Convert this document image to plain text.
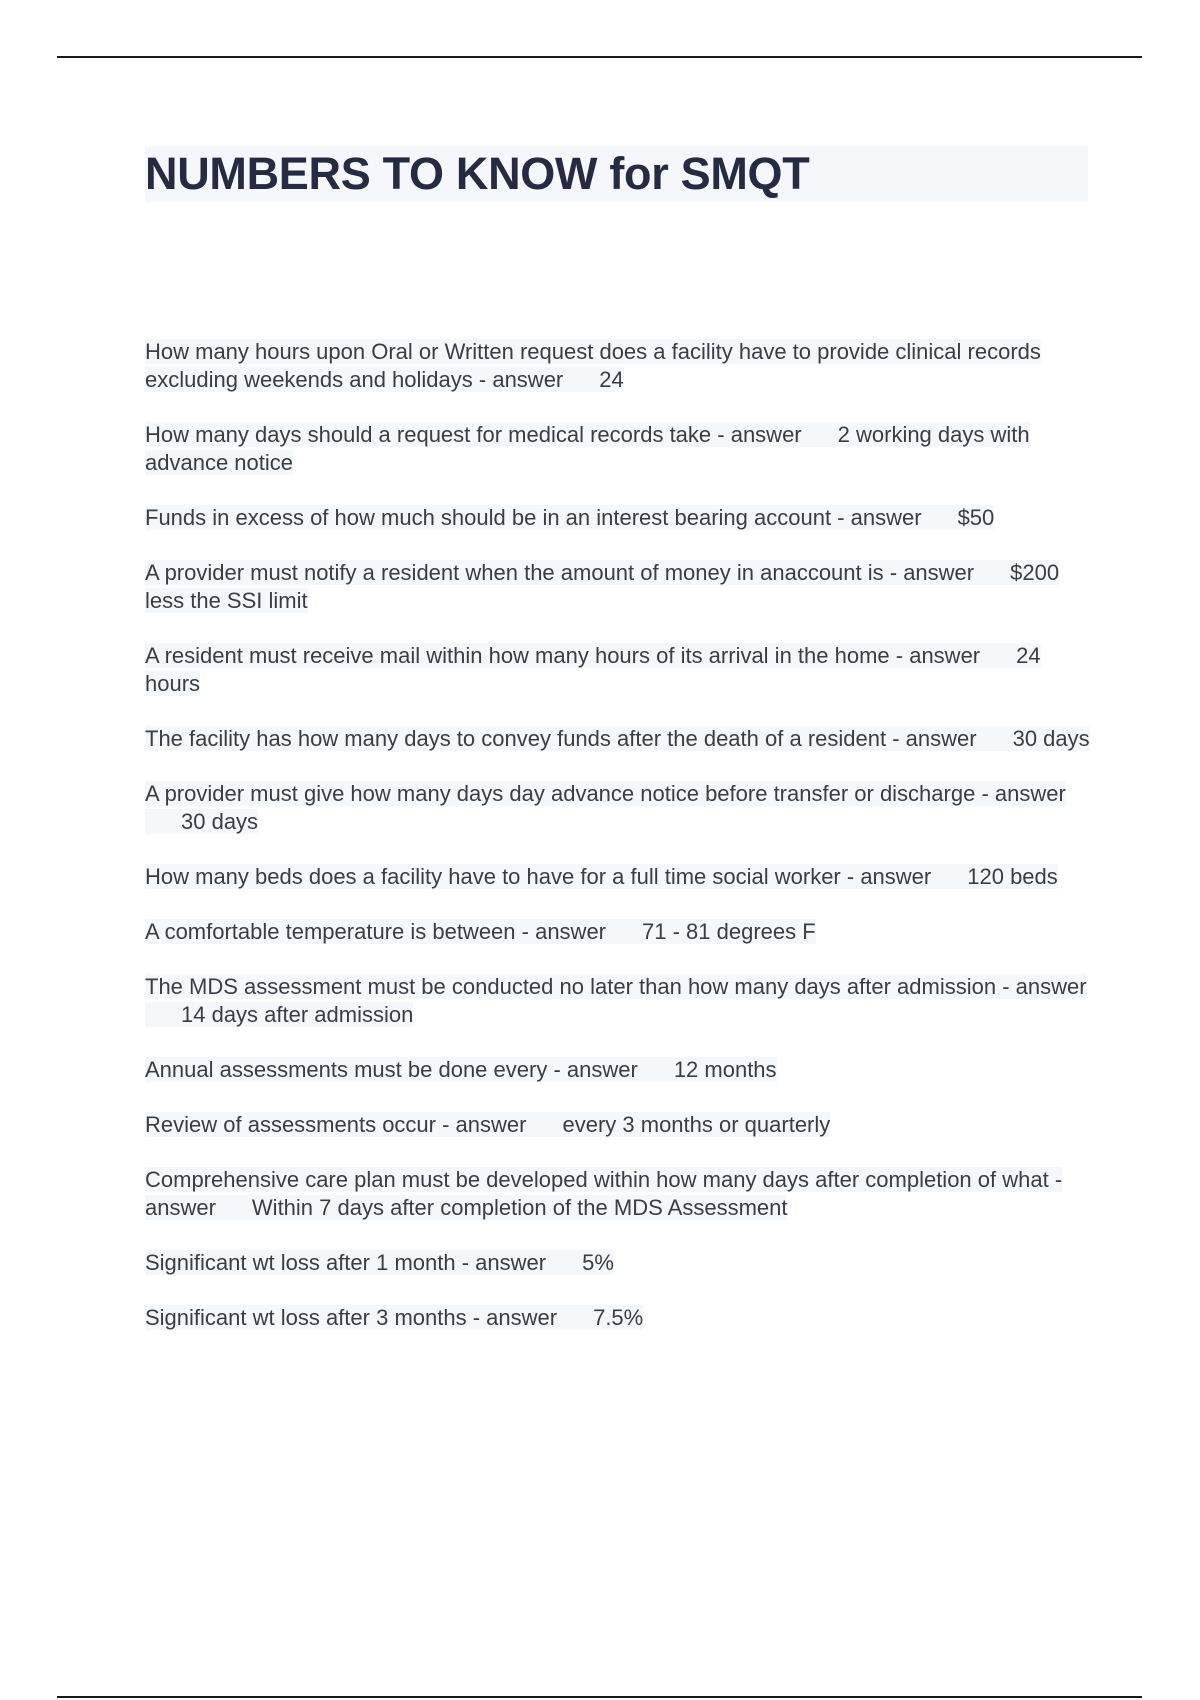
NUMBERS TO KNOW for SMQT
How many hours upon Oral or Written request does a facility have to provide clinical records excluding weekends and holidays - answer 24
How many days should a request for medical records take - answer 2 working days with advance notice
Funds in excess of how much should be in an interest bearing account - answer $50
A provider must notify a resident when the amount of money in anaccount is - answer $200 less the SSI limit
A resident must receive mail within how many hours of its arrival in the home - answer 24 hours
The facility has how many days to convey funds after the death of a resident - answer 30 days
A provider must give how many days day advance notice before transfer or discharge - answer30 days
How many beds does a facility have to have for a full time social worker - answer 120 beds
A comfortable temperature is between - answer 71 - 81 degrees F
The MDS assessment must be conducted no later than how many days after admission - answer14 days after admission
Annual assessments must be done every - answer 12 months
Review of assessments occur - answer every 3 months or quarterly
Comprehensive care plan must be developed within how many days after completion of what - answer Within 7 days after completion of the MDS Assessment
Significant wt loss after 1 month - answer 5%
Significant wt loss after 3 months - answer 7.5%
